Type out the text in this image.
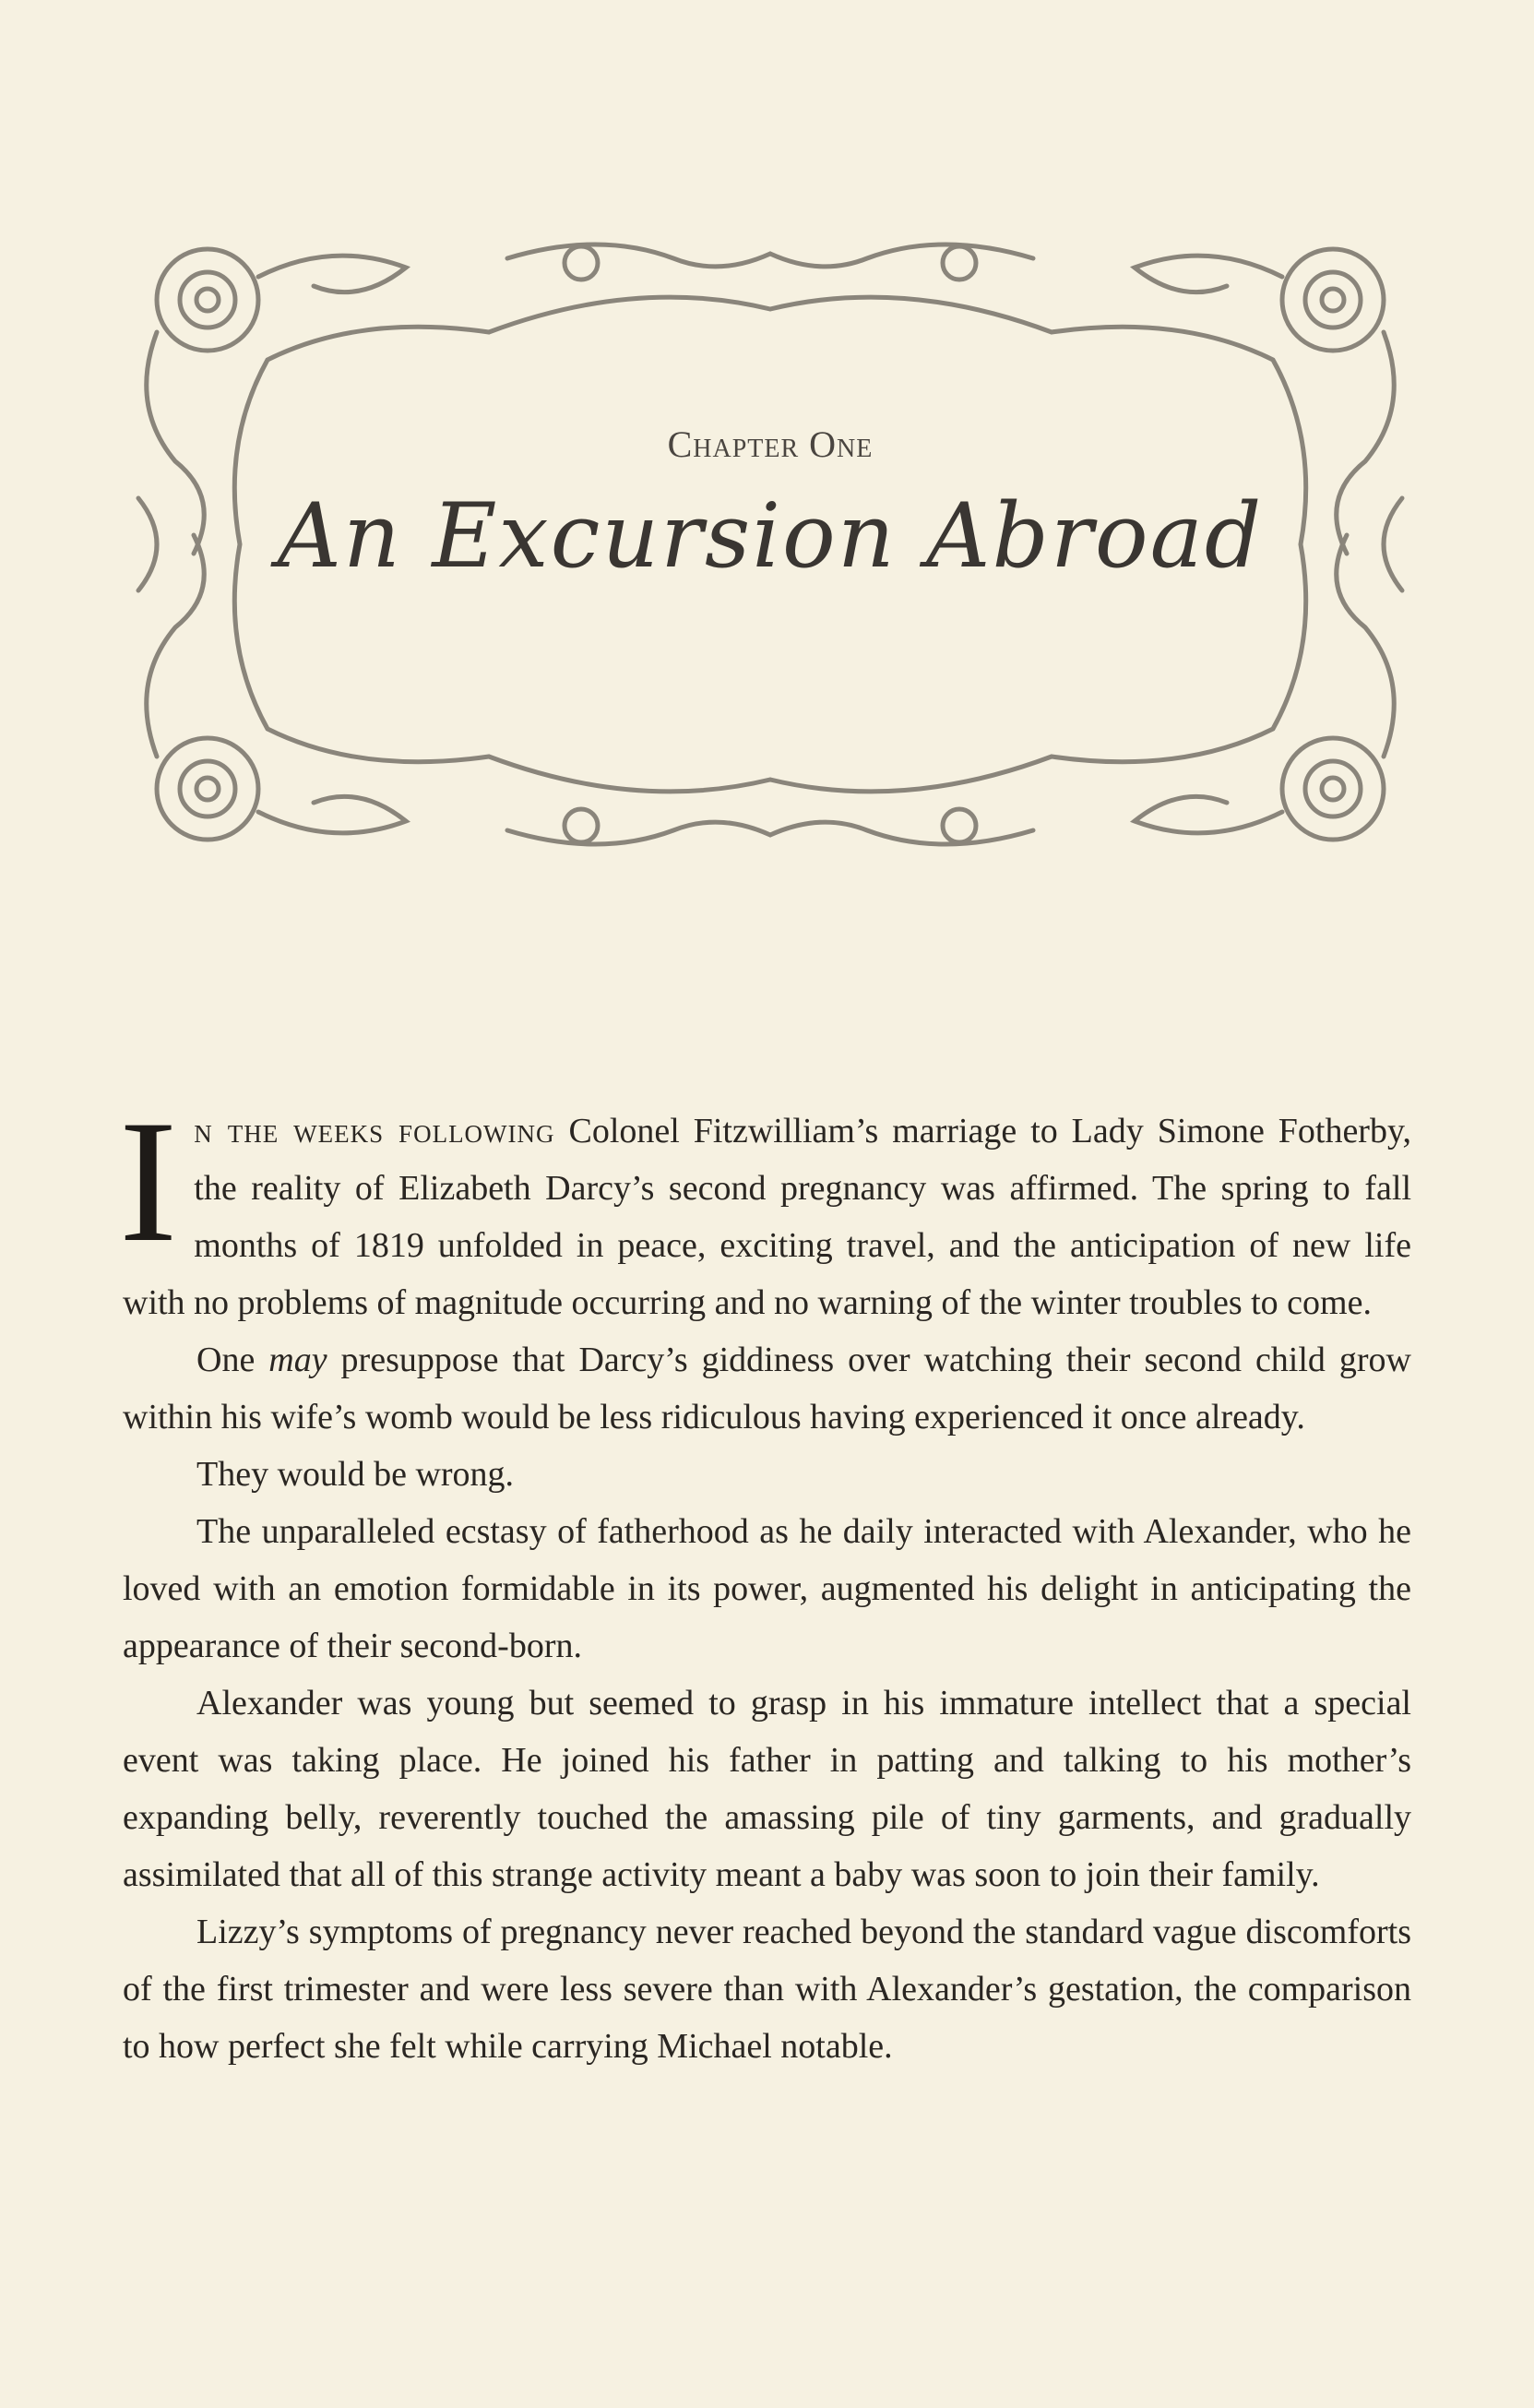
Chapter One
An Excursion Abroad

In the weeks following Colonel Fitzwilliam’s marriage to Lady Simone Fotherby, the reality of Elizabeth Darcy’s second pregnancy was affirmed. The spring to fall months of 1819 unfolded in peace, exciting travel, and the anticipation of new life with no problems of magnitude occurring and no warning of the winter troubles to come.

One may presuppose that Darcy’s giddiness over watching their second child grow within his wife’s womb would be less ridiculous having experienced it once already.

They would be wrong.

The unparalleled ecstasy of fatherhood as he daily interacted with Alexander, who he loved with an emotion formidable in its power, augmented his delight in anticipating the appearance of their second-born.

Alexander was young but seemed to grasp in his immature intellect that a special event was taking place. He joined his father in patting and talking to his mother’s expanding belly, reverently touched the amassing pile of tiny garments, and gradually assimilated that all of this strange activity meant a baby was soon to join their family.

Lizzy’s symptoms of pregnancy never reached beyond the standard vague discomforts of the first trimester and were less severe than with Alexander’s gestation, the comparison to how perfect she felt while carrying Michael notable.
